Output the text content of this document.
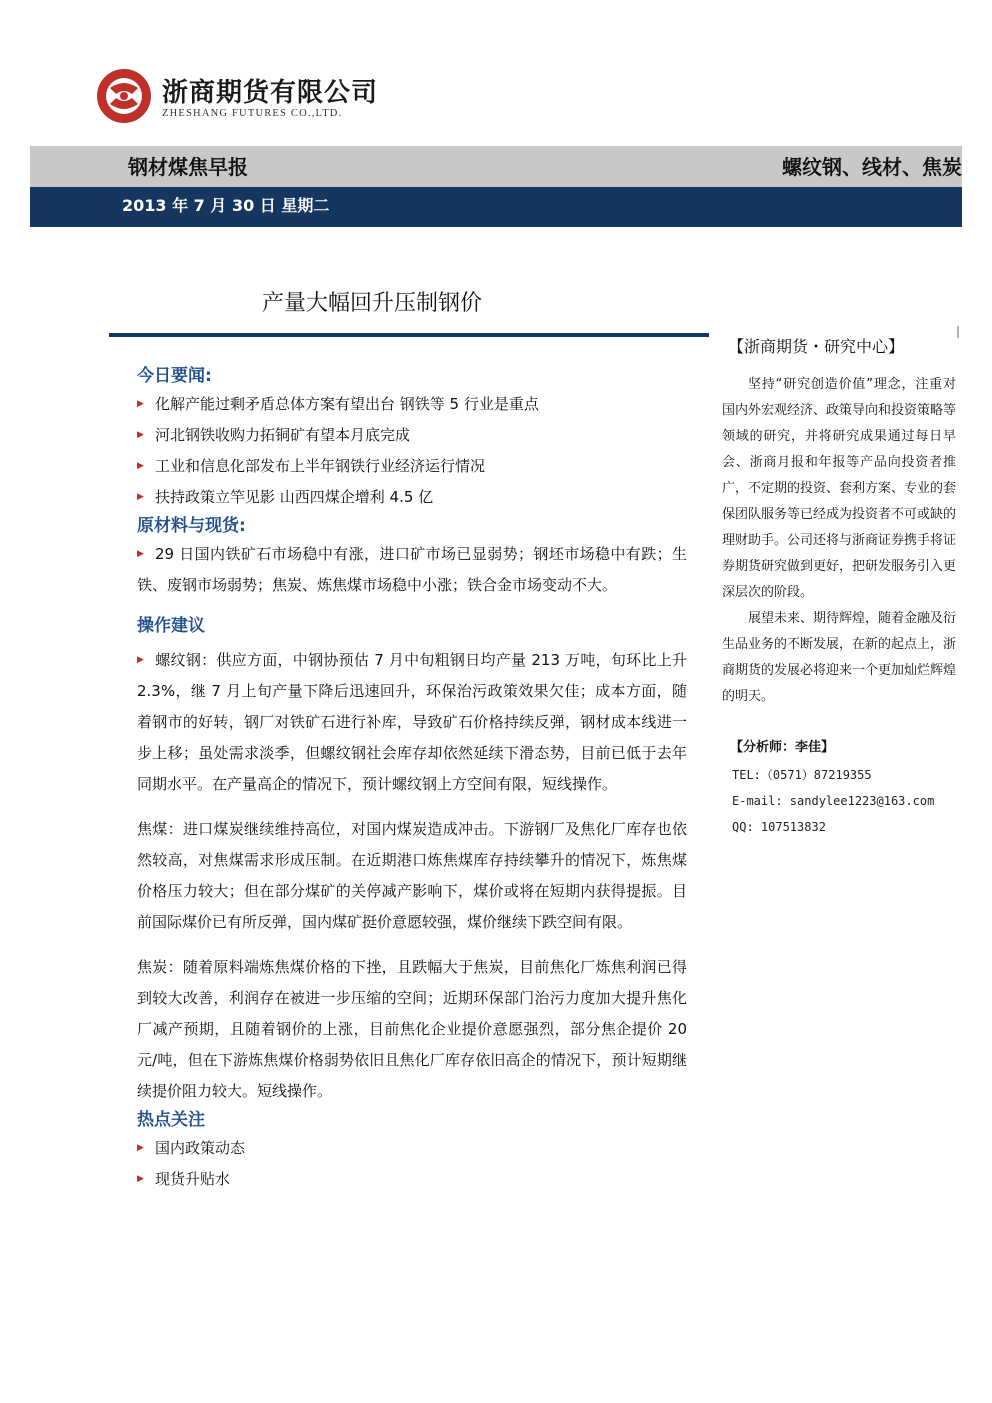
浙商期货有限公司
ZHESHANG FUTURES CO.,LTD.
钢材煤焦早报	螺纹钢、线材、焦炭
2013 年 7 月 30 日 星期二
产量大幅回升压制钢价
今日要闻:
▶ 化解产能过剩矛盾总体方案有望出台 钢铁等 5 行业是重点
▶ 河北钢铁收购力拓铜矿有望本月底完成
▶ 工业和信息化部发布上半年钢铁行业经济运行情况
▶ 扶持政策立竿见影 山西四煤企增利 4.5 亿
原材料与现货:

▶ 29 日国内铁矿石市场稳中有涨，进口矿市场已显弱势；钢坯市场稳中有跌；生铁、废钢市场弱势；焦炭、炼焦煤市场稳中小涨；铁合金市场变动不大。

操作建议

▶ 螺纹钢：供应方面，中钢协预估 7 月中旬粗钢日均产量 213 万吨，旬环比上升 2.3%，继 7 月上旬产量下降后迅速回升，环保治污政策效果欠佳；成本方面，随着钢市的好转，钢厂对铁矿石进行补库，导致矿石价格持续反弹，钢材成本线进一步上移；虽处需求淡季，但螺纹钢社会库存却依然延续下滑态势，目前已低于去年同期水平。在产量高企的情况下，预计螺纹钢上方空间有限，短线操作。

焦煤：进口煤炭继续维持高位，对国内煤炭造成冲击。下游钢厂及焦化厂库存也依然较高，对焦煤需求形成压制。在近期港口炼焦煤库存持续攀升的情况下，炼焦煤价格压力较大；但在部分煤矿的关停减产影响下，煤价或将在短期内获得提振。目前国际煤价已有所反弹，国内煤矿挺价意愿较强，煤价继续下跌空间有限。

焦炭：随着原料端炼焦煤价格的下挫，且跌幅大于焦炭，目前焦化厂炼焦利润已得到较大改善，利润存在被进一步压缩的空间；近期环保部门治污力度加大提升焦化厂减产预期，且随着钢价的上涨，目前焦化企业提价意愿强烈，部分焦企提价 20 元/吨，但在下游炼焦煤价格弱势依旧且焦化厂库存依旧高企的情况下，预计短期继续提价阻力较大。短线操作。

热点关注
▶ 国内政策动态
▶ 现货升贴水
【浙商期货・研究中心】

坚持“研究创造价值”理念，注重对国内外宏观经济、政策导向和投资策略等领域的研究，并将研究成果通过每日早会、浙商月报和年报等产品向投资者推广，不定期的投资、套利方案、专业的套保团队服务等已经成为投资者不可或缺的理财助手。公司还将与浙商证券携手将证券期货研究做到更好，把研发服务引入更深层次的阶段。

展望未来、期待辉煌，随着金融及衍生品业务的不断发展，在新的起点上，浙商期货的发展必将迎来一个更加灿烂辉煌的明天。

【分析师：李佳】
TEL:（0571）87219355
E-mail: sandylee1223@163.com
QQ: 107513832
